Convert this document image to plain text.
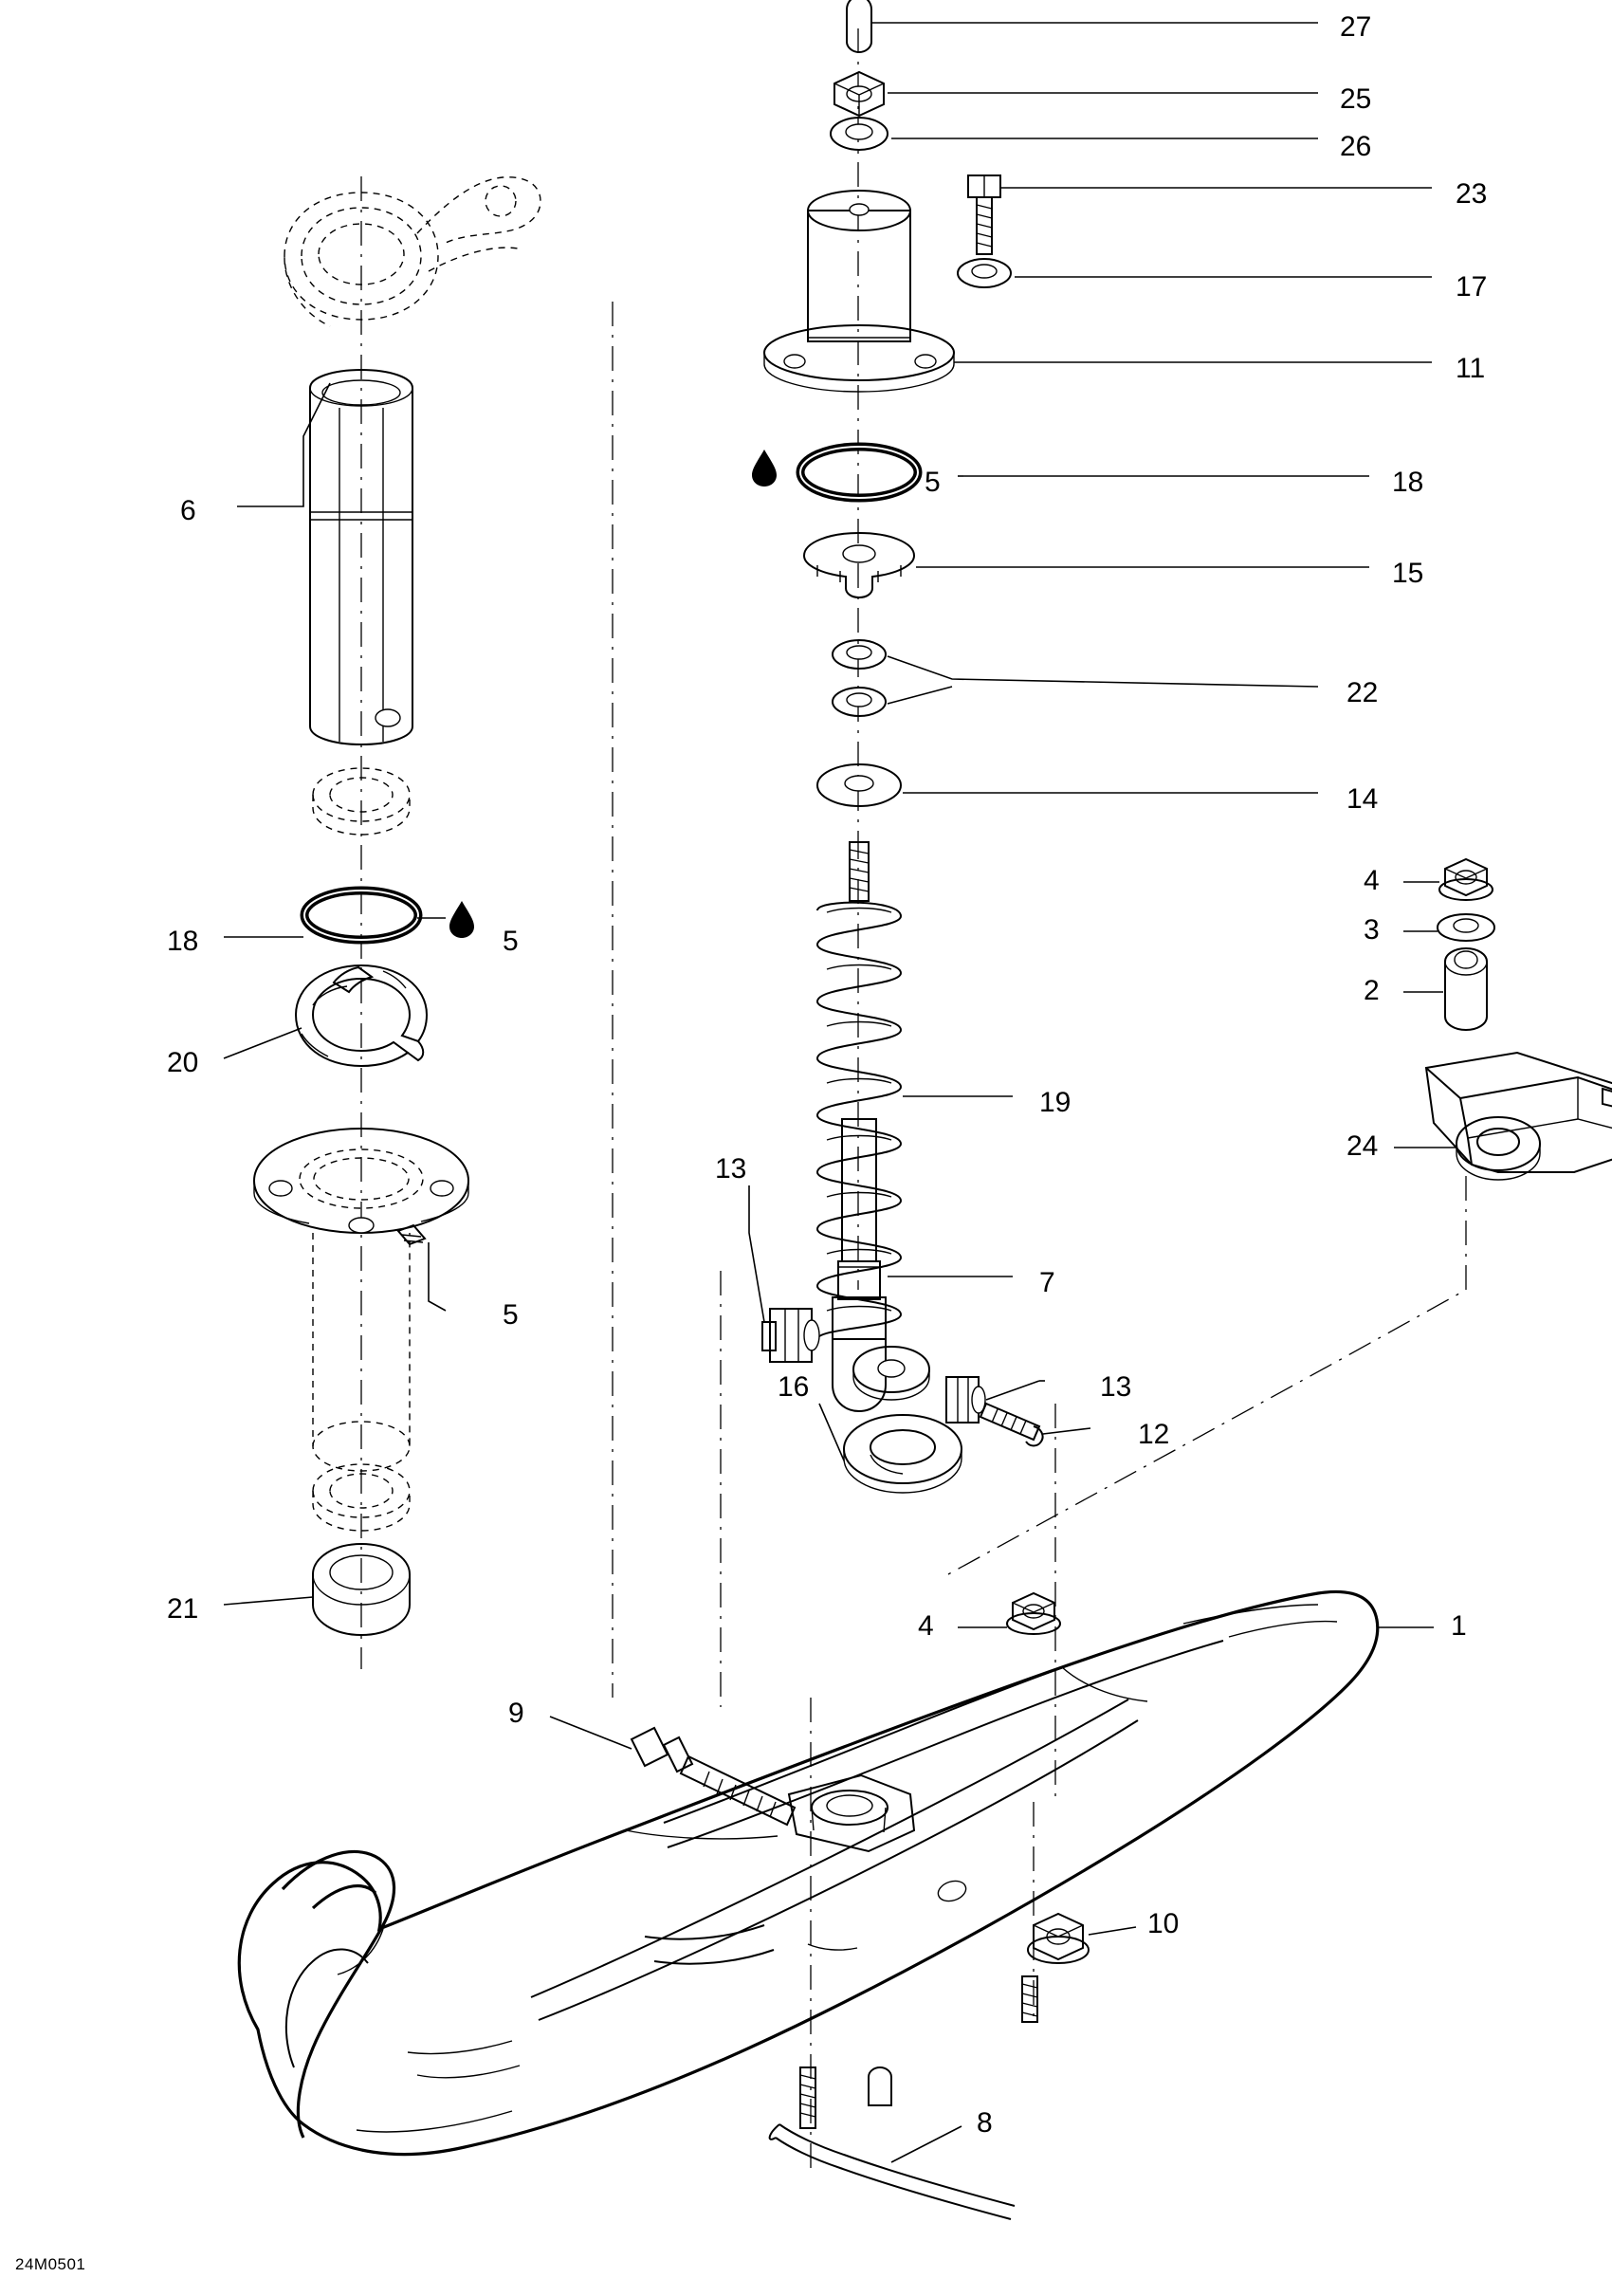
27
25
26
23
17
11
5	18
15
22
14
6
18	5
20
5
21
19
7
13
13
12
16
4
3
2
24
1
4
9
10
8
24M0501
